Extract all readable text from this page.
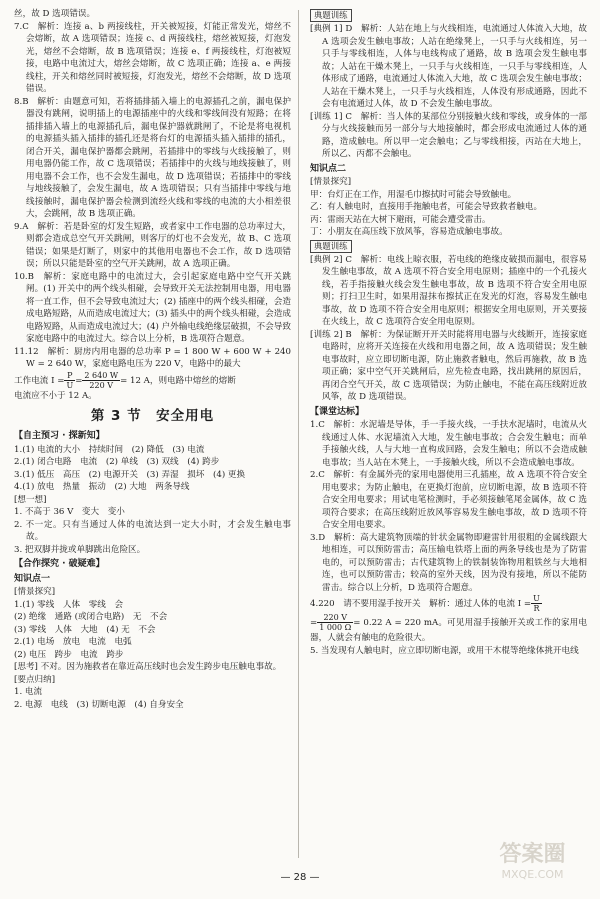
丝，故 D 选项错误。

7.C　解析：连接 a、b 两接线柱，开关被短接，灯能正常发光，熔丝不会熔断，故 A 选项错误；连接 c、d 两接线柱，熔丝被短接，灯泡发光，熔丝不会熔断，故 B 选项错误；连接 e、f 两接线柱，灯泡被短接，电路中电流过大，熔丝会熔断，故 C 选项正确；连接 a、e 两接线柱，开关和熔丝同时被短接，灯泡发光，熔丝不会熔断，故 D 选项错误。

8.B　解析：由题意可知，若将插排插入墙上的电源插孔之前，漏电保护器没有跳闸，说明插上的电源插座中的火线和零线间没有短路；在将插排插入墙上的电源插孔后，漏电保护器就跳闸了，不论是将电视机的电源插头插入插排的插孔还是将台灯的电源插头插入插排的插孔，闭合开关，漏电保护器都会跳闸，若插排中的零线与火线接触了，则用电器仍能工作，故 C 选项错误；若插排中的火线与地线接触了，则用电器不会工作，也不会发生漏电，故 D 选项错误；若插排中的零线与地线接触了，会发生漏电，故 A 选项错误；只有当插排中零线与地线接触时，漏电保护器会检测到流经火线和零线的电流的大小相差很大，会跳闸，故 B 选项正确。

9.A　解析：若是卧室的灯发生短路，或者家中工作电器的总功率过大，则都会造成总空气开关跳闸，则客厅的灯也不会发光，故 B、C 选项错误；如果是灯断了，则家中的其他用电器也不会工作，故 D 选项错误；所以只能是卧室的空气开关跳闸，故 A 选项正确。

10.B　解析：家庭电路中的电流过大，会引起家庭电路中空气开关跳闸。(1) 开关中的两个线头相碰，会导致开关无法控制用电器，用电器将一直工作，但不会导致电流过大；(2) 插座中的两个线头相碰，会造成电路短路，从而造成电流过大；(3) 插头中的两个线头相碰，会造成电路短路，从而造成电流过大；(4) 户外输电线绝缘层破损，不会导致家庭电路中的电流过大。综合以上分析，B 选项符合题意。

11.12　解析：厨房内用电器的总功率 P = 1 800 W + 600 W + 240 W = 2 640 W，家庭电路电压为 220 V，电路中的最大

工作电流 $I = \frac{P}{U} = \frac{2 640 W}{220 V} = 12$ A，则电路中熔丝的熔断

电流应不小于 12 A。

第 3 节　安全用电
【自主预习 · 探新知】

1.(1) 电流的大小　持续时间　(2) 降低　(3) 电流

2.(1) 闭合电路　电流　(2) 单线　(3) 双线　(4) 跨步

3.(1) 低压　高压　(2) 电源开关　(3) 弄湿　损坏　(4) 更换

4.(1) 放电　热量　振动　(2) 大地　两条导线

[想一想]

1. 不高于 36 V　变大　变小

2. 不一定。只有当通过人体的电流达到一定大小时，才会发生触电事故。

3. 把双脚并拢或单脚跳出危险区。

【合作探究 · 破疑难】
知识点一

[情景探究]

1.(1) 零线　人体　零线　会

(2) 绝缘　通路 (或闭合电路)　无　不会

(3) 零线　人体　大地　(4) 无　不会

2.(1) 电场　放电　电流　电弧

(2) 电压　跨步　电流　跨步

[思考] 不对。因为施救者在靠近高压线时也会发生跨步电压触电事故。

[要点归纳]

1. 电流

2. 电源　电线　(3) 切断电源　(4) 自身安全

典题训练

[典例 1] D　解析：人站在地上与火线相连，电流通过人体流入大地，故 A 选项会发生触电事故；人站在绝缘凳上，一只手与火线相连，另一只手与零线相连，人体与电线构成了通路，故 B 选项会发生触电事故；人站在干燥木凳上，一只手与火线相连，一只手与零线相连，人体形成了通路，电流通过人体流入大地，故 C 选项会发生触电事故；人站在干燥木凳上，一只手与火线相连，人体没有形成通路，因此不会有电流通过人体，故 D 不会发生触电事故。

[训练 1] C　解析：当人体的某部位分别接触火线和零线，或身体的一部分与火线接触而另一部分与大地接触时，都会形成电流通过人体的通路，造成触电。所以甲一定会触电；乙与零线相接，丙站在大地上，所以乙、丙都不会触电。

知识点二

[情景探究]

甲：台灯正在工作，用湿毛巾擦拭时可能会导致触电。

乙：有人触电时，直接用手拖触电者，可能会导致救者触电。

丙：雷雨天站在大树下避雨，可能会遭受雷击。

丁：小朋友在高压线下放风筝，容易造成触电事故。

典题训练

[典例 2] C　解析：电线上晾衣服，若电线的绝缘皮破损而漏电，很容易发生触电事故，故 A 选项不符合安全用电原则；插座中的一个孔接火线，若手指接触火线会发生触电事故，故 B 选项不符合安全用电原则；打扫卫生时，如果用湿抹布擦拭正在发光的灯泡，容易发生触电事故，故 D 选项不符合安全用电原则；根据安全用电原则，开关要接在火线上，故 C 选项符合安全用电原则。

[训练 2] B　解析：为保证断开开关时能将用电器与火线断开，连接家庭电路时，应将开关连接在火线和用电器之间，故 A 选项错误；发生触电事故时，应立即切断电源，防止施救者触电，然后再施救，故 B 选项正确；家中空气开关跳闸后，应先检查电路，找出跳闸的原因后，再闭合空气开关，故 C 选项错误；为防止触电，不能在高压线附近放风筝，故 D 选项错误。

【课堂达标】

1.C　解析：水泥墙是导体，手一手接火线，一手扶水泥墙时，电流从火线通过人体、水泥墙流入大地，发生触电事故；合会发生触电；而单手接触火线，人与大地一直构成回路，会发生触电；所以不会造成触电事故；当人站在木凳上，一手接触火线，所以不会造成触电事故。

2.C　解析：有金属外壳的家用电器使用三孔插座，故 A 选项不符合安全用电要求；为防止触电，在更换灯泡前，应切断电源，故 B 选项不符合安全用电要求；用试电笔检测时，手必须接触笔尾金属体，故 C 选项符合要求；在高压线附近放风筝容易发生触电事故，故 D 选项不符合安全用电要求。

3.D　解析：高大建筑物顶端的针状金属物即避雷针用很粗的金属线跟大地相连，可以预防雷击；高压输电铁塔上面的两条导线也是为了防雷电的，可以预防雷击；古代建筑物上的铁制装饰物用粗铁丝与大地相连，也可以预防雷击；较高的室外天线，因为没有接地，所以不能防雷击。综合以上分析，D 选项符合题意。

4.220　请不要用湿手按开关　解析：通过人体的电流 $I = \frac{U}{R}$

= $\frac{220 V}{1 000 \Omega} = 0.22$ A = 220 mA。可见用湿手接触开关或工作的家用电器，人就会有触电的危险很大。

5. 当发现有人触电时，应立即切断电源，或用干木棍等绝缘体挑开电线

答案圈
MXQE.COM
— 28 —
